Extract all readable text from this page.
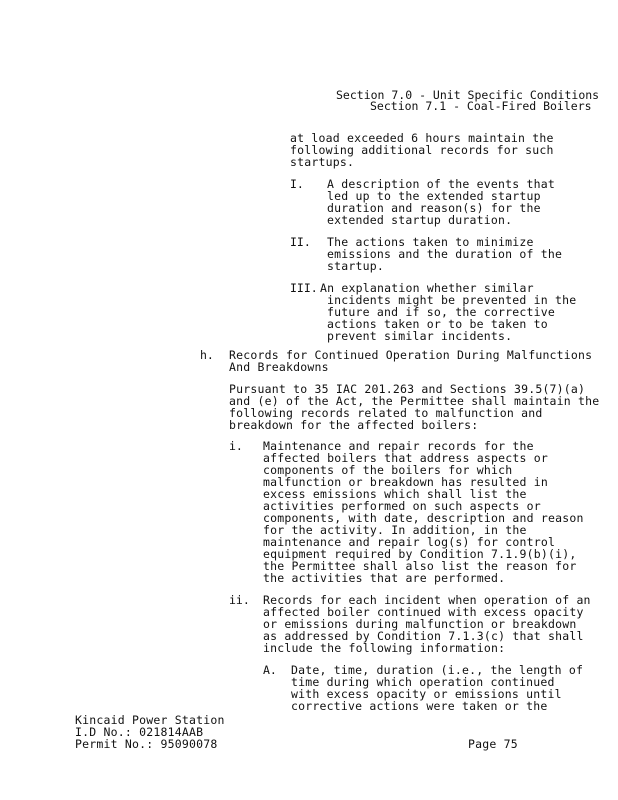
Section 7.0 - Unit Specific Conditions
Section 7.1 - Coal-Fired Boilers
at load exceeded 6 hours maintain the
following additional records for such
startups.
I. A description of the events that
led up to the extended startup
duration and reason(s) for the
extended startup duration.
II. The actions taken to minimize
emissions and the duration of the
startup.
III. An explanation whether similar
incidents might be prevented in the
future and if so, the corrective
actions taken or to be taken to
prevent similar incidents.
h. Records for Continued Operation During Malfunctions
And Breakdowns
Pursuant to 35 IAC 201.263 and Sections 39.5(7)(a)
and (e) of the Act, the Permittee shall maintain the
following records related to malfunction and
breakdown for the affected boilers:
i. Maintenance and repair records for the
affected boilers that address aspects or
components of the boilers for which
malfunction or breakdown has resulted in
excess emissions which shall list the
activities performed on such aspects or
components, with date, description and reason
for the activity. In addition, in the
maintenance and repair log(s) for control
equipment required by Condition 7.1.9(b)(i),
the Permittee shall also list the reason for
the activities that are performed.
ii. Records for each incident when operation of an
affected boiler continued with excess opacity
or emissions during malfunction or breakdown
as addressed by Condition 7.1.3(c) that shall
include the following information:
A. Date, time, duration (i.e., the length of
time during which operation continued
with excess opacity or emissions until
corrective actions were taken or the
Kincaid Power Station
I.D No.: 021814AAB
Permit No.: 95090078	Page 75
